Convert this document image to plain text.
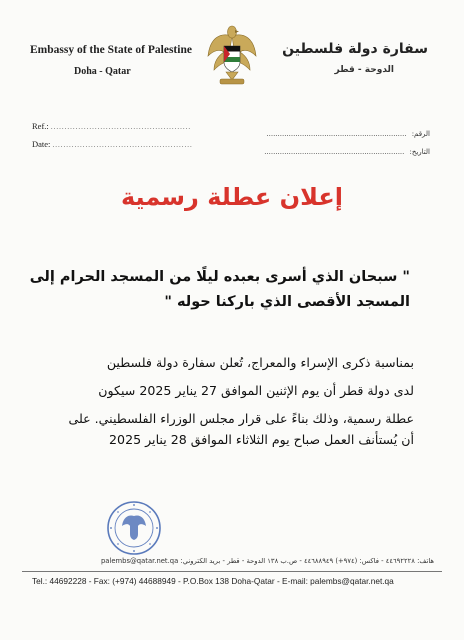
Embassy of the State of Palestine
Doha - Qatar
سفارة دولة فلسطين
الدوحة - قطر
Ref.: ...................................................
Date: ...................................................
الرقم: ...............................................................
التاريخ: ...............................................................
إعلان عطلة رسمية
" سبحان الذي أسرى بعبده ليلًا من المسجد الحرام إلى
المسجد الأقصى الذي باركنا حوله "
بمناسبة ذكرى الإسراء والمعراج، تُعلن سفارة دولة فلسطين
لدى دولة قطر أن يوم الإثنين الموافق 27 يناير 2025 سيكون
عطلة رسمية، وذلك بناءً على قرار مجلس الوزراء الفلسطيني. على
أن يُستأنف العمل صباح يوم الثلاثاء الموافق 28 يناير 2025
هاتف: ٤٤٦٩٢٢٢٨ - فاكس: (٩٧٤+) ٤٤٦٨٨٩٤٩ - ص.ب ١٣٨ الدوحة - قطر - بريد الكتروني: palembs@qatar.net.qa
Tel.: 44692228 - Fax: (+974) 44688949 - P.O.Box 138 Doha-Qatar - E-mail: palembs@qatar.net.qa
